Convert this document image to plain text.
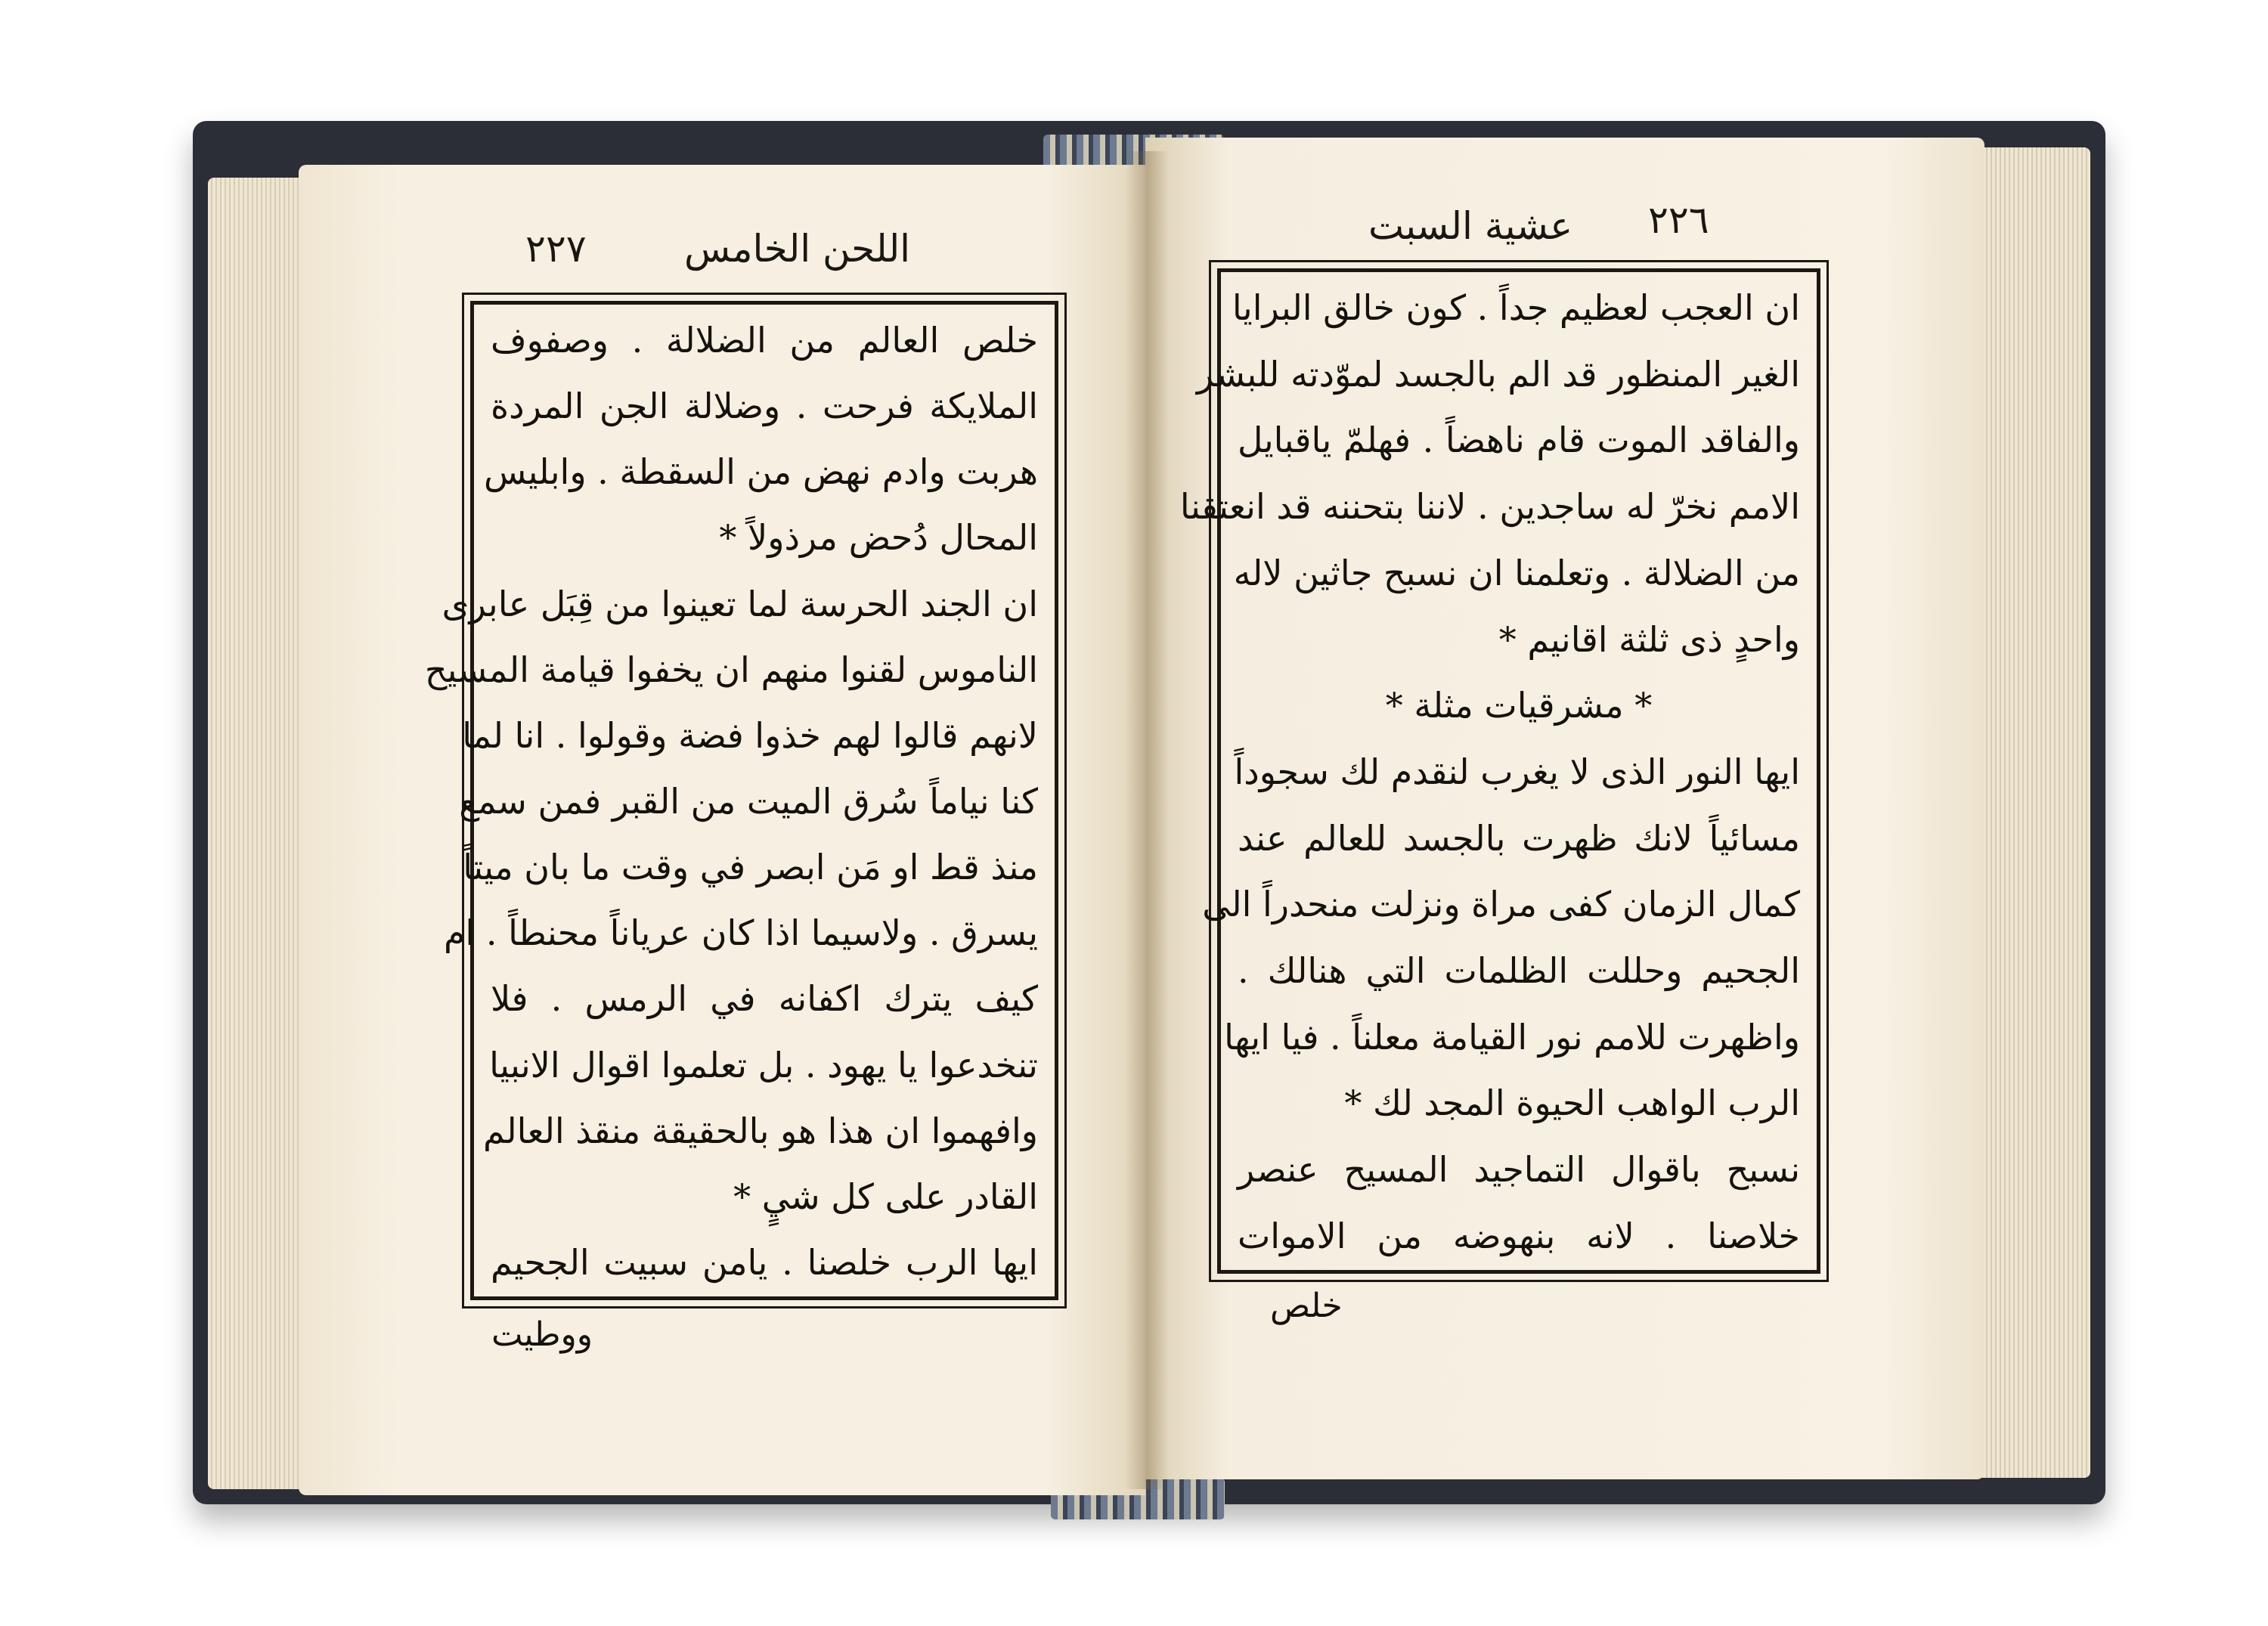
٢٢٧	اللحن الخامس
عشية السبت ٢٢٦
خلص العالم من الضلالة . وصفوف
الملايكة فرحت . وضلالة الجن المردة
هربت وادم نهض من السقطة . وابليس
المحال دُحض مرذولاً *
ان الجند الحرسة لما تعينوا من قِبَل عابرى
الناموس لقنوا منهم ان يخفوا قيامة المسيح
لانهم قالوا لهم خذوا فضة وقولوا . انا لما
كنا نياماً سُرق الميت من القبر فمن سمع
منذ قط او مَن ابصر في وقت ما بان ميتاً
يسرق . ولاسيما اذا كان عرياناً محنطاً . ام
كيف يترك اكفانه في الرمس . فلا
تنخدعوا يا يهود . بل تعلموا اقوال الانبيا
وافهموا ان هذا هو بالحقيقة منقذ العالم
القادر على كل شيٍ *
ايها الرب خلصنا . يامن سبيت الجحيم
ووطيت
ان العجب لعظيم جداً . كون خالق البرايا
الغير المنظور قد الم بالجسد لموّدته للبشر
والفاقد الموت قام ناهضاً . فهلمّ ياقبايل
الامم نخرّ له ساجدين . لاننا بتحننه قد انعتقنا
من الضلالة . وتعلمنا ان نسبح جاثين لاله
واحدٍ ذى ثلثة اقانيم *
* مشرقيات مثلة *
ايها النور الذى لا يغرب لنقدم لك سجوداً
مسائياً لانك ظهرت بالجسد للعالم عند
كمال الزمان كفى مراة ونزلت منحدراً الى
الجحيم وحللت الظلمات التي هنالك .
واظهرت للامم نور القيامة معلناً . فيا ايها
الرب الواهب الحيوة المجد لك *
نسبح باقوال التماجيد المسيح عنصر
خلاصنا . لانه بنهوضه من الاموات
خلص
